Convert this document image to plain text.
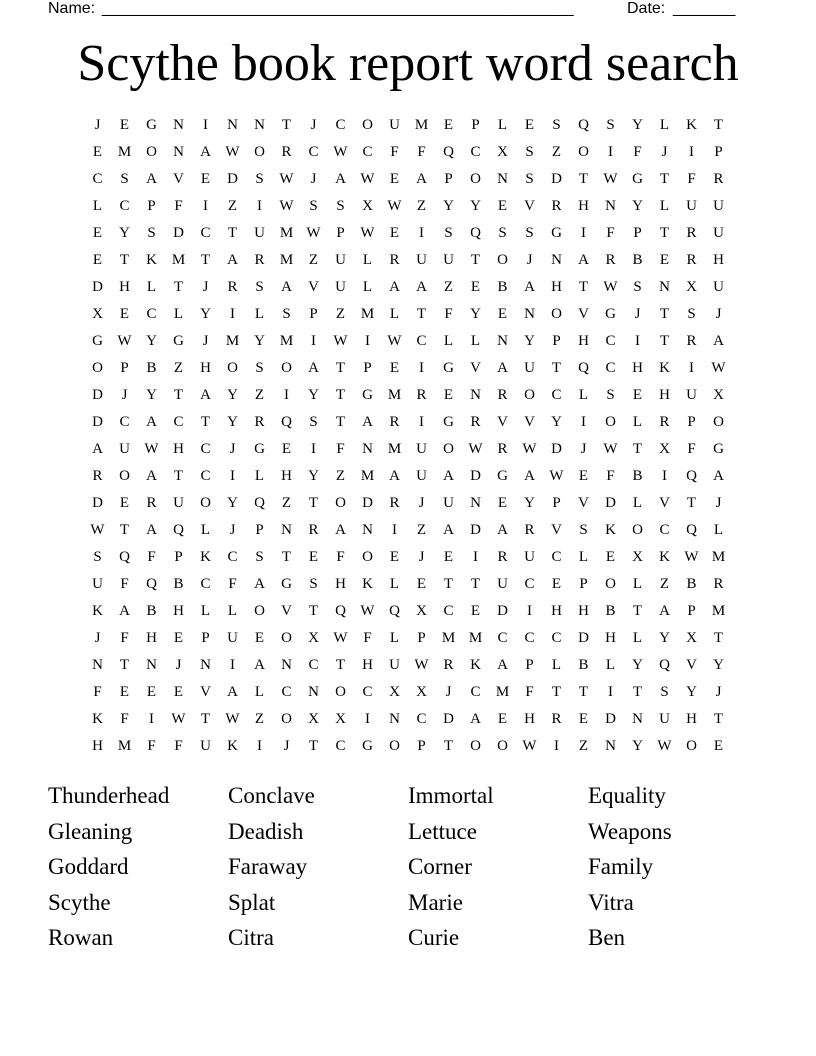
Name: _____________________________________________________	Date: _______
Scythe book report word search
J	E	G	N	I	N	N	T	J	C	O	U M	E	P	L	E	S	Q	S	Y	L	K	T
E	M O	N	A W O	R	C W C	F	F	Q	C	X	S	Z	O	I	F	J	I	P
C	S	A	V	E	D	S	W	J	A W	E	A	P	O	N	S	D	T	W G	T	F	R
L	C	P	F	I	Z	I	W	S	S	X W	Z	Y	Y	E	V	R	H	N	Y	L	U	U
E	Y	S	D	C	T	U M W	P	W	E	I	S	Q	S	S	G	I	F	P	T	R	U
E	T	K M	T	A	R	M	Z	U	L	R	U	U	T	O	J	N	A	R	B	E	R	H
D	H	L	T	J	R	S	A	V	U	L	A	A	Z	E	B	A	H	T	W	S	N	X	U
X	E	C	L	Y	I	L	S	P	Z	M	L	T	F	Y	E	N	O	V	G	J	T	S	J
G W Y	G	J	M Y M	I	W	I	W C	L	L	N	Y	P	H	C	I	T	R	A
O	P	B	Z	H	O	S	O	A	T	P	E	I	G	V	A	U	T	Q	C	H	K	I	W
D	J	Y	T	A	Y	Z	I	Y	T	G M	R	E	N	R	O	C	L	S	E	H	U	X
D	C	A	C	T	Y	R	Q	S	T	A	R	I	G	R	V	V	Y	I	O	L	R	P	O
A	U W H	C	J	G	E	I	F	N M U	O W R W D	J	W	T	X	F	G
R	O	A	T	C	I	L	H	Y	Z	M A	U	A	D	G	A W	E	F	B	I	Q	A
D	E	R	U	O	Y	Q	Z	T	O	D	R	J	U	N	E	Y	P	V	D	L	V	T	J
W	T	A	Q	L	J	P	N	R	A	N	I	Z	A	D	A	R	V	S	K	O	C	Q	L
S	Q	F	P	K	C	S	T	E	F	O	E	J	E	I	R	U	C	L	E	X	K W M
U	F	Q	B	C	F	A	G	S	H	K	L	E	T	T	U	C	E	P	O	L	Z	B	R
K	A	B	H	L	L	O	V	T	Q W Q	X	C	E	D	I	H	H	B	T	A	P	M
J	F	H	E	P	U	E	O	X W	F	L	P	M M	C	C	C	D	H	L	Y	X	T
N	T	N	J	N	I	A	N	C	T	H	U W R	K	A	P	L	B	L	Y	Q	V	Y
F	E	E	E	V	A	L	C	N	O	C	X	X	J	C	M	F	T	T	I	T	S	Y	J
K	F	I	W	T	W	Z	O	X	X	I	N	C	D	A	E	H	R	E	D	N	U	H	T
H M	F	F	U	K	I	J	T	C	G	O	P	T	O	O W	I	Z	N	Y W O	E
Thunderhead	Conclave	Immortal	Equality
Gleaning	Deadish	Lettuce	Weapons
Goddard	Faraway	Corner	Family
Scythe	Splat	Marie	Vitra
Rowan	Citra	Curie	Ben
